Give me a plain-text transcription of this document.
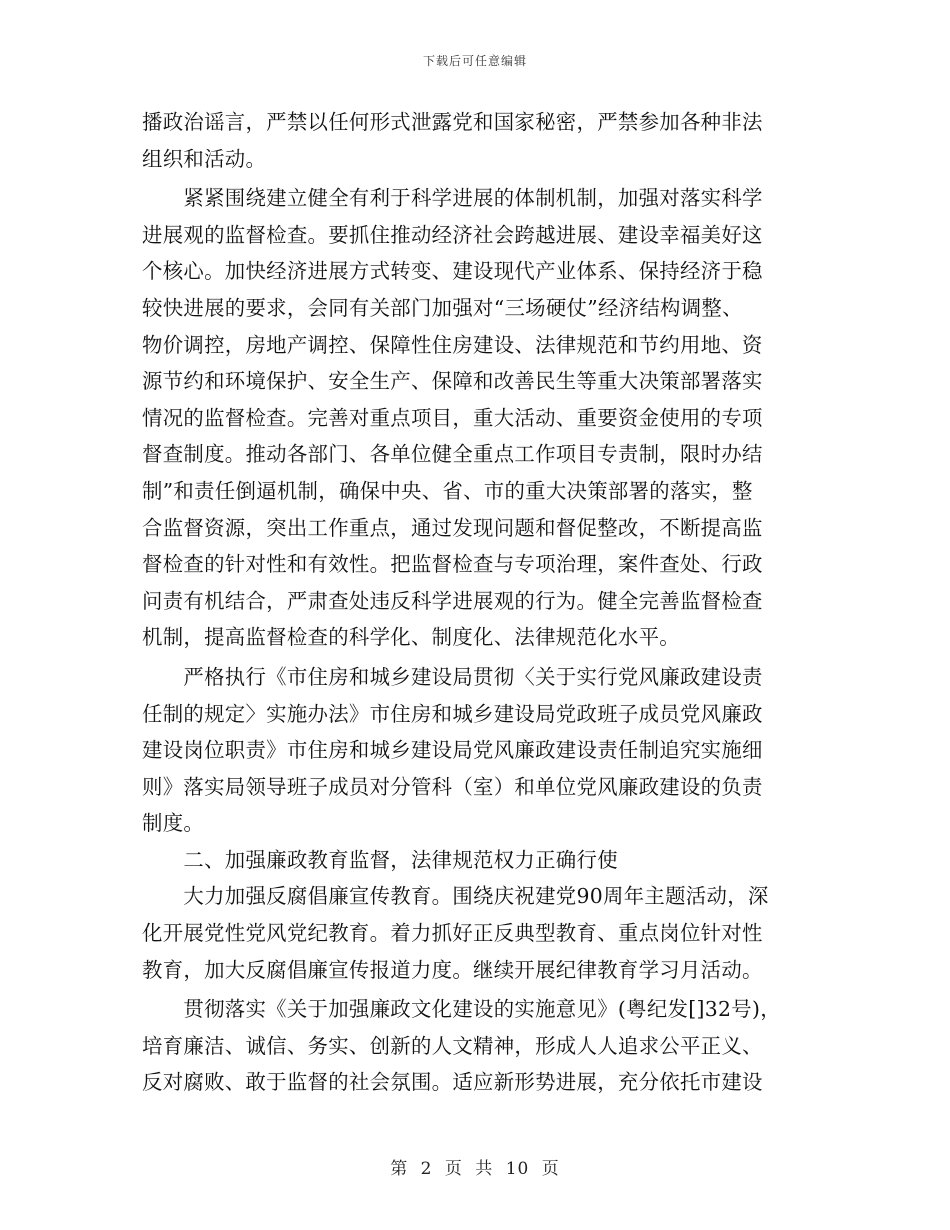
下载后可任意编辑
播政治谣言，严禁以任何形式泄露党和国家秘密，严禁参加各种非法
组织和活动。
　　紧紧围绕建立健全有利于科学进展的体制机制，加强对落实科学
进展观的监督检查。要抓住推动经济社会跨越进展、建设幸福美好这
个核心。加快经济进展方式转变、建设现代产业体系、保持经济于稳
较快进展的要求，会同有关部门加强对“三场硬仗”经济结构调整、
物价调控，房地产调控、保障性住房建设、法律规范和节约用地、资
源节约和环境保护、安全生产、保障和改善民生等重大决策部署落实
情况的监督检查。完善对重点项目，重大活动、重要资金使用的专项
督查制度。推动各部门、各单位健全重点工作项目专责制，限时办结
制”和责任倒逼机制，确保中央、省、市的重大决策部署的落实，整
合监督资源，突出工作重点，通过发现问题和督促整改，不断提高监
督检查的针对性和有效性。把监督检查与专项治理，案件查处、行政
问责有机结合，严肃查处违反科学进展观的行为。健全完善监督检查
机制，提高监督检查的科学化、制度化、法律规范化水平。
　　严格执行《市住房和城乡建设局贯彻〈关于实行党风廉政建设责
任制的规定〉实施办法》市住房和城乡建设局党政班子成员党风廉政
建设岗位职责》市住房和城乡建设局党风廉政建设责任制追究实施细
则》落实局领导班子成员对分管科（室）和单位党风廉政建设的负责
制度。
　　二、加强廉政教育监督，法律规范权力正确行使
　　大力加强反腐倡廉宣传教育。围绕庆祝建党90周年主题活动，深
化开展党性党风党纪教育。着力抓好正反典型教育、重点岗位针对性
教育，加大反腐倡廉宣传报道力度。继续开展纪律教育学习月活动。
　　贯彻落实《关于加强廉政文化建设的实施意见》(粤纪发[]32号)，
培育廉洁、诚信、务实、创新的人文精神，形成人人追求公平正义、
反对腐败、敢于监督的社会氛围。适应新形势进展，充分依托市建设
第 2 页 共 10 页
